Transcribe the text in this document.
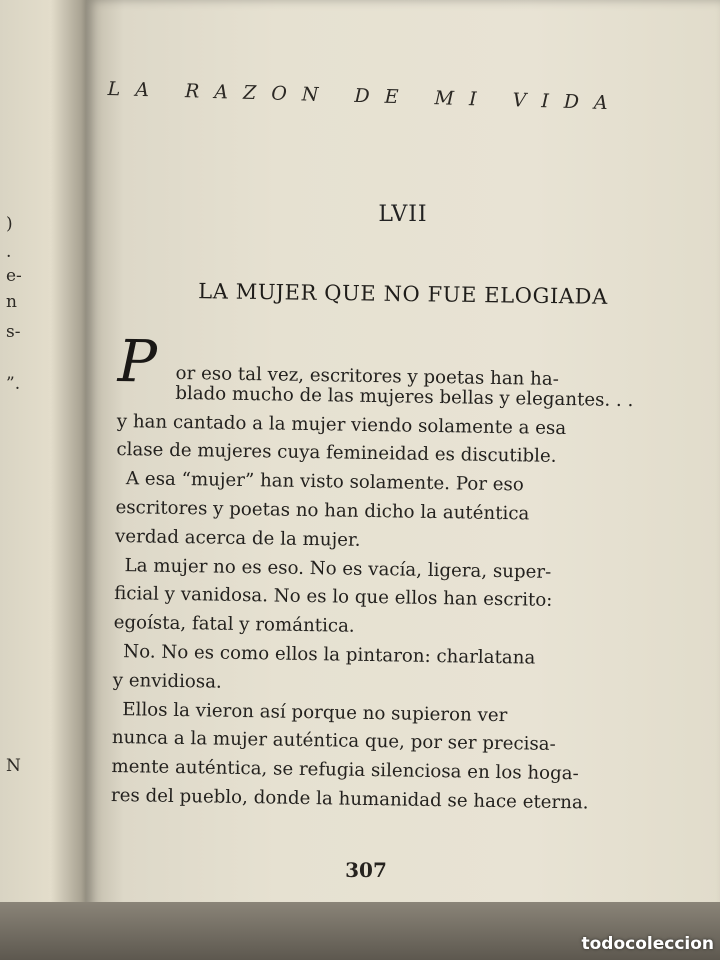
)
.
e-
n
s-
”.
N
LA RAZON DE MI VIDA
LVII
LA MUJER QUE NO FUE ELOGIADA
P or eso tal vez, escritores y poetas han ha-
blado mucho de las mujeres bellas y elegantes. . .
y han cantado a la mujer viendo solamente a esa
clase de mujeres cuya femineidad es discutible.
A esa “mujer” han visto solamente. Por eso
escritores y poetas no han dicho la auténtica
verdad acerca de la mujer.
La mujer no es eso. No es vacía, ligera, super-
ficial y vanidosa. No es lo que ellos han escrito:
egoísta, fatal y romántica.
No. No es como ellos la pintaron: charlatana
y envidiosa.
Ellos la vieron así porque no supieron ver
nunca a la mujer auténtica que, por ser precisa-
mente auténtica, se refugia silenciosa en los hoga-
res del pueblo, donde la humanidad se hace eterna.
307
todocoleccion
